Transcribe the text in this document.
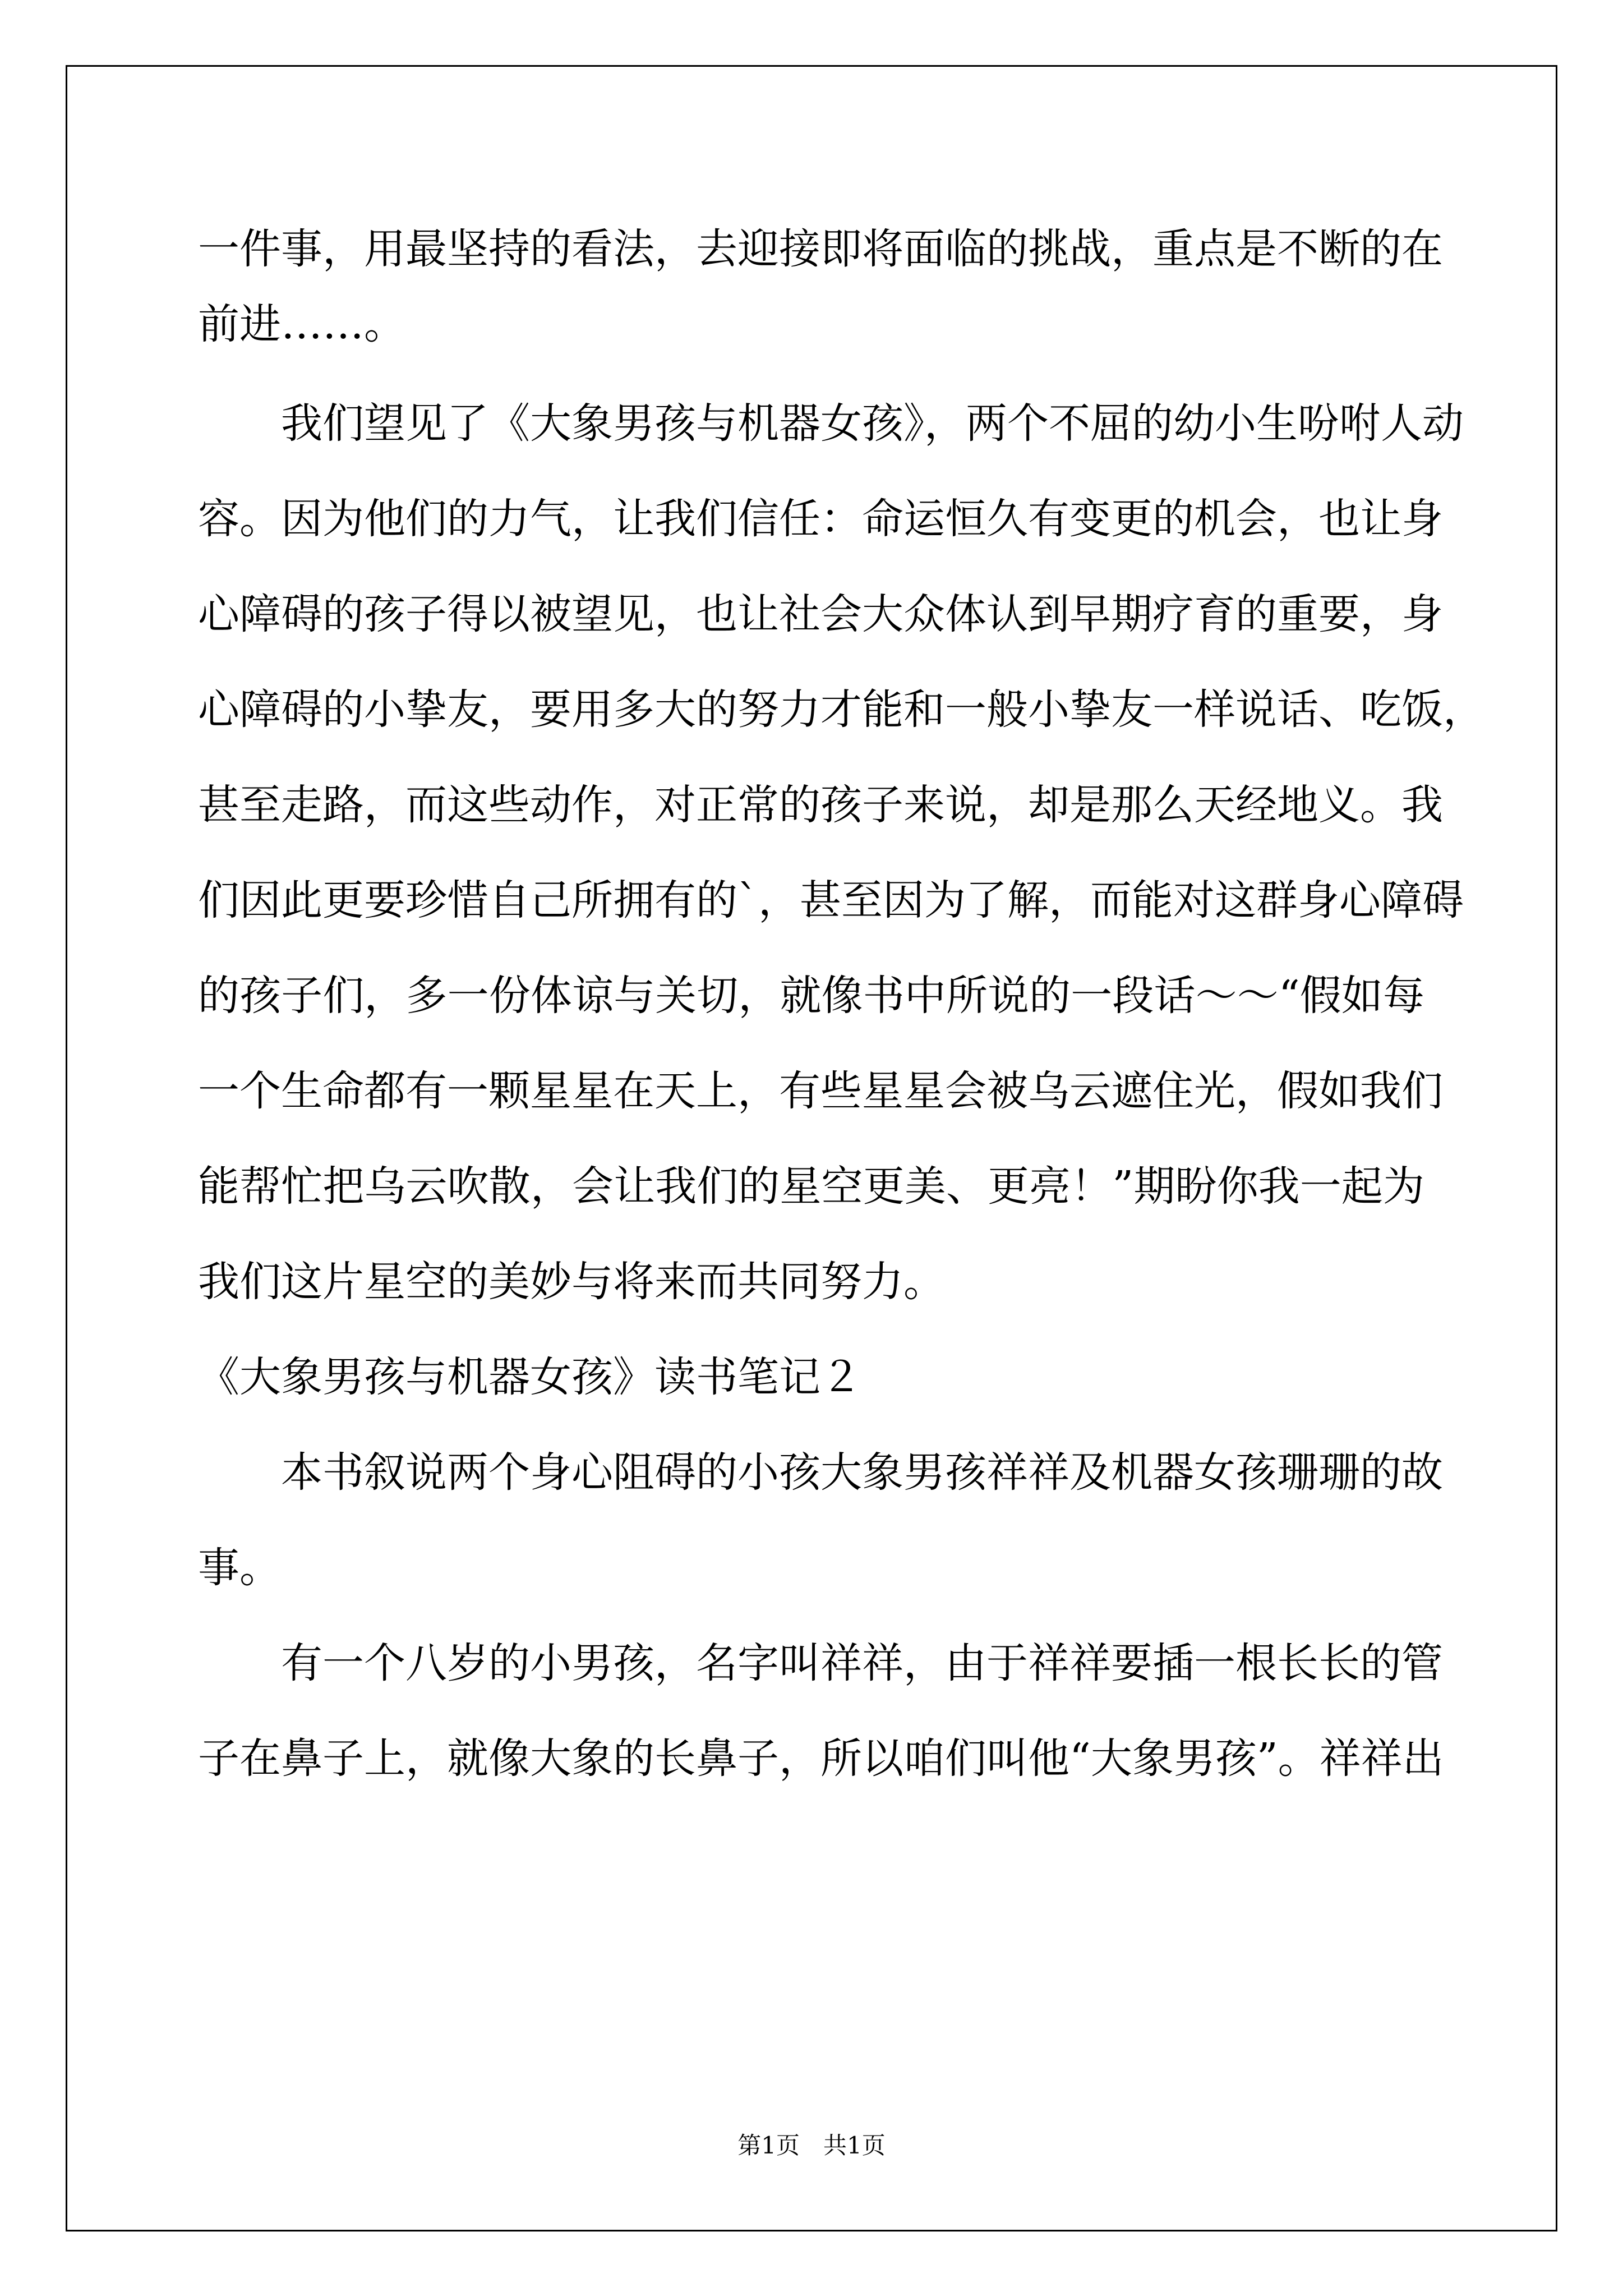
一件事，用最坚持的看法，去迎接即将面临的挑战，重点是不断的在
前进……。
我们望见了《大象男孩与机器女孩》，两个不屈的幼小生吩咐人动
容。因为他们的力气，让我们信任：命运恒久有变更的机会，也让身
心障碍的孩子得以被望见，也让社会大众体认到早期疗育的重要，身
心障碍的小挚友，要用多大的努力才能和一般小挚友一样说话、吃饭，
甚至走路，而这些动作，对正常的孩子来说，却是那么天经地义。我
们因此更要珍惜自己所拥有的`，甚至因为了解，而能对这群身心障碍
的孩子们，多一份体谅与关切，就像书中所说的一段话～～“假如每
一个生命都有一颗星星在天上，有些星星会被乌云遮住光，假如我们
能帮忙把乌云吹散，会让我们的星空更美、更亮！”期盼你我一起为
我们这片星空的美妙与将来而共同努力。
《大象男孩与机器女孩》读书笔记２
本书叙说两个身心阻碍的小孩大象男孩祥祥及机器女孩珊珊的故
事。
有一个八岁的小男孩，名字叫祥祥，由于祥祥要插一根长长的管
子在鼻子上，就像大象的长鼻子，所以咱们叫他“大象男孩”。祥祥出
第1页　共1页
